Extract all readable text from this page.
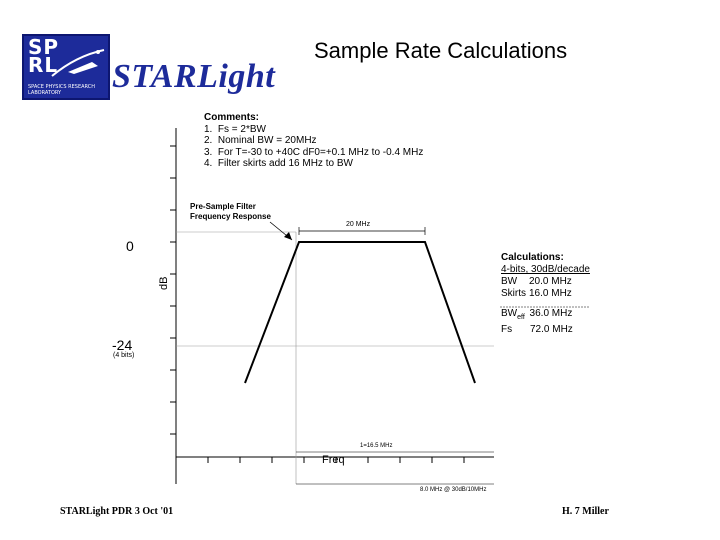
SP
RL
SPACE PHYSICS RESEARCH LABORATORY	STARLight
Sample Rate Calculations
Comments:
1.  Fs = 2*BW
2.  Nominal BW = 20MHz
3.  For T=-30 to +40C dF0=+0.1 MHz to -0.4 MHz
4.  Filter skirts add 16 MHz to BW
Pre-Sample Filter
Frequency Response
20 MHz
dB
0
-24
(4 bits)
Freq
1=16.5 MHz
8.0 MHz @ 30dB/10MHz
Calculations:
4-bits, 30dB/decade
BW 20.0 MHz
Skirts 16.0 MHz
$BW_{eff}$ 36.0 MHz
Fs 72.0 MHz
STARLight PDR 3 Oct '01	H. 7 Miller
